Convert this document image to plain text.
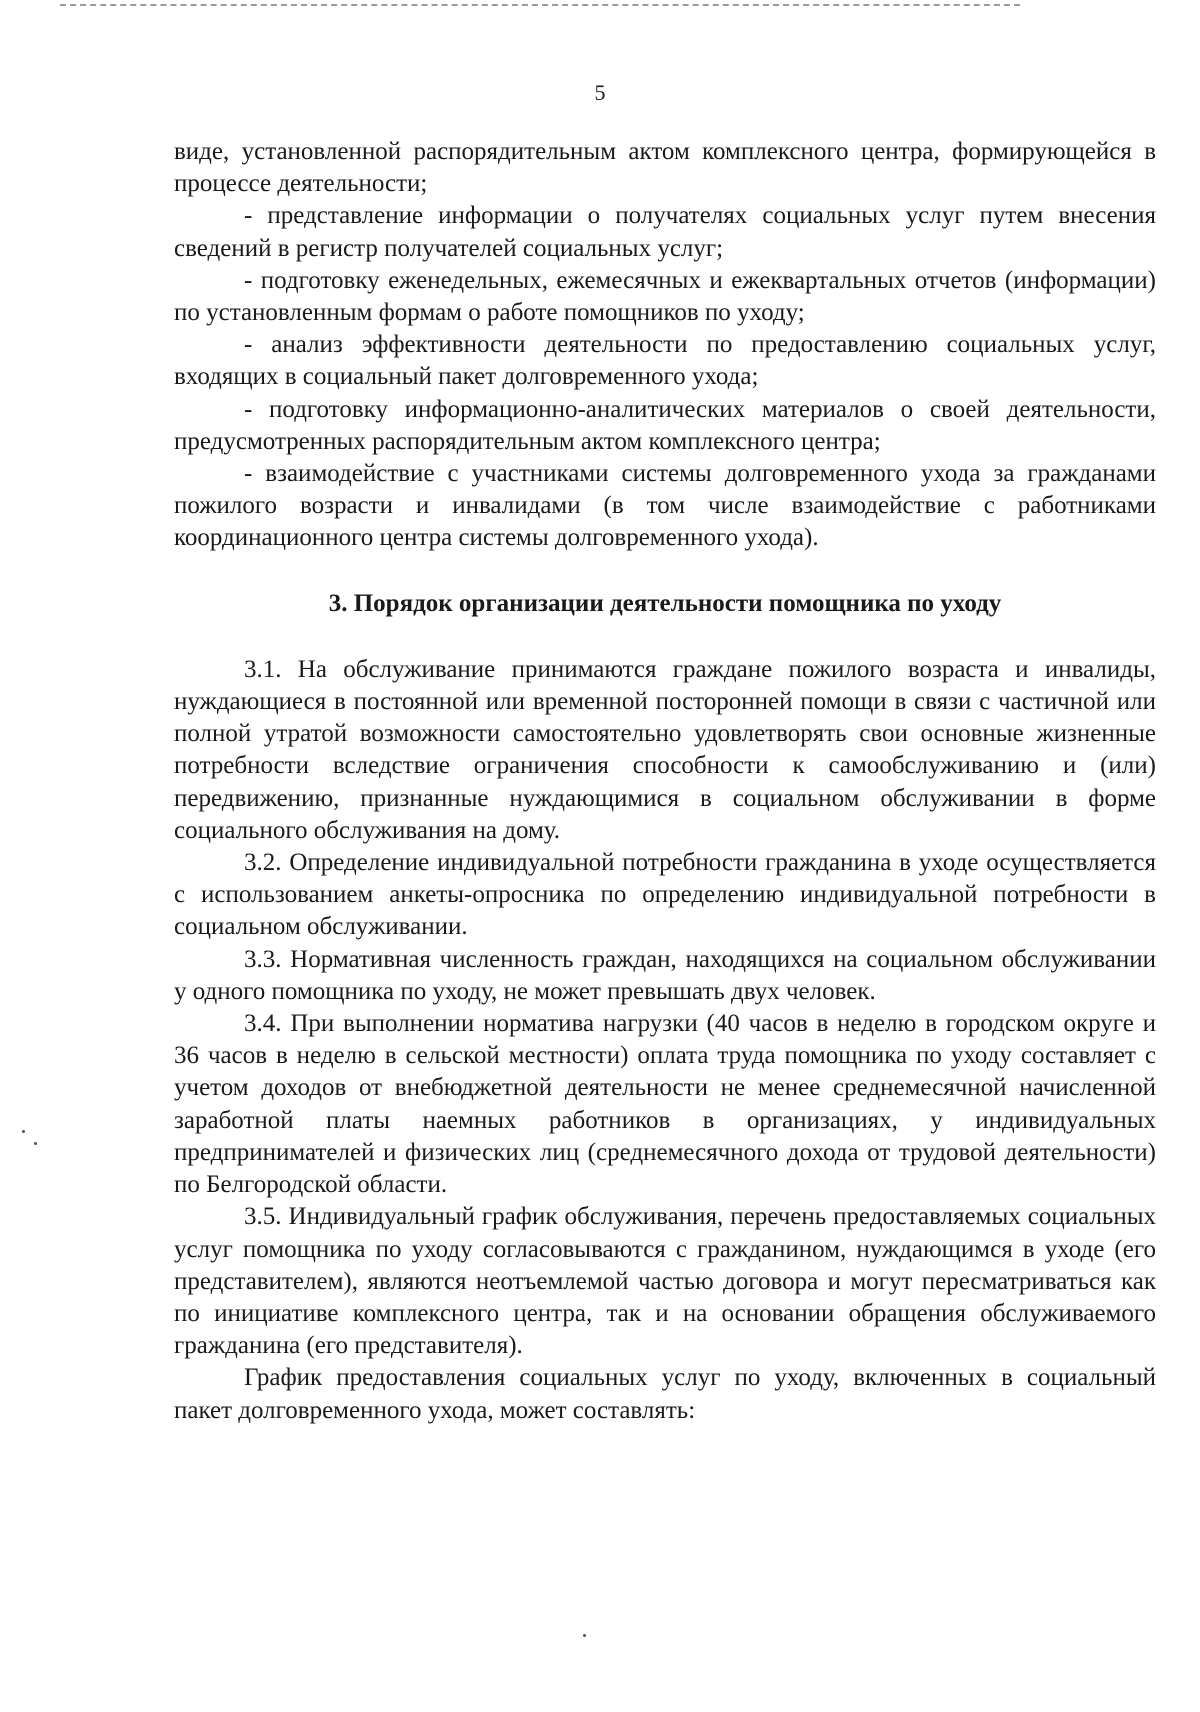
5

виде, установленной распорядительным актом комплексного центра, формирующейся в процессе деятельности;

- представление информации о получателях социальных услуг путем внесения сведений в регистр получателей социальных услуг;

- подготовку еженедельных, ежемесячных и ежеквартальных отчетов (информации) по установленным формам о работе помощников по уходу;

- анализ эффективности деятельности по предоставлению социальных услуг, входящих в социальный пакет долговременного ухода;

- подготовку информационно-аналитических материалов о своей деятельности, предусмотренных распорядительным актом комплексного центра;

- взаимодействие с участниками системы долговременного ухода за гражданами пожилого возрасти и инвалидами (в том числе взаимодействие с работниками координационного центра системы долговременного ухода).

3. Порядок организации деятельности помощника по уходу

3.1. На обслуживание принимаются граждане пожилого возраста и инвалиды, нуждающиеся в постоянной или временной посторонней помощи в связи с частичной или полной утратой возможности самостоятельно удовлетворять свои основные жизненные потребности вследствие ограничения способности к самообслуживанию и (или) передвижению, признанные нуждающимися в социальном обслуживании в форме социального обслуживания на дому.

3.2. Определение индивидуальной потребности гражданина в уходе осуществляется с использованием анкеты-опросника по определению индивидуальной потребности в социальном обслуживании.

3.3. Нормативная численность граждан, находящихся на социальном обслуживании у одного помощника по уходу, не может превышать двух человек.

3.4. При выполнении норматива нагрузки (40 часов в неделю в городском округе и 36 часов в неделю в сельской местности) оплата труда помощника по уходу составляет с учетом доходов от внебюджетной деятельности не менее среднемесячной начисленной заработной платы наемных работников в организациях, у индивидуальных предпринимателей и физических лиц (среднемесячного дохода от трудовой деятельности) по Белгородской области.

3.5. Индивидуальный график обслуживания, перечень предоставляемых социальных услуг помощника по уходу согласовываются с гражданином, нуждающимся в уходе (его представителем), являются неотъемлемой частью договора и могут пересматриваться как по инициативе комплексного центра, так и на основании обращения обслуживаемого гражданина (его представителя).

График предоставления социальных услуг по уходу, включенных в социальный пакет долговременного ухода, может составлять:
